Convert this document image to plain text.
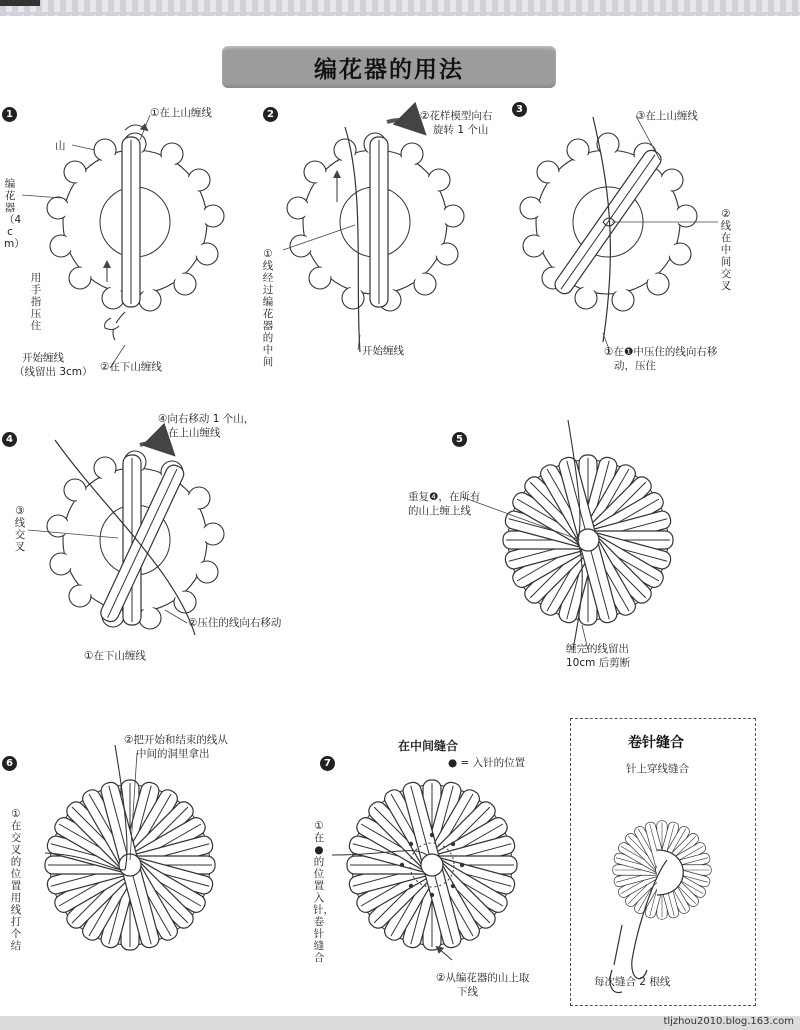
编花器的用法
1	2	3
4	5
6	7
①在上山缠线
山
编花器（4cm）
用手指压住
开始缠线
（线留出 3cm） ②在下山缠线
②花样模型向右
旋转 1 个山
①线经过编花器的中间
开始缠线
③在上山缠线
②线在中间交叉
①在❶中压住的线向右移
动，压住
④向右移动 1 个山，
在上山缠线
③线交叉
②压住的线向右移动
①在下山缠线
重复❹，在所有
的山上缠上线
缠完的线留出
10cm 后剪断
②把开始和结束的线从
中间的洞里拿出
①在交叉的位置用线打个结
在中间缝合
● = 入针的位置
①在●的位置入针，卷针缝合
②从编花器的山上取
下线
卷针缝合
针上穿线缝合
每次缝合 2 根线
tljzhou2010.blog.163.com
